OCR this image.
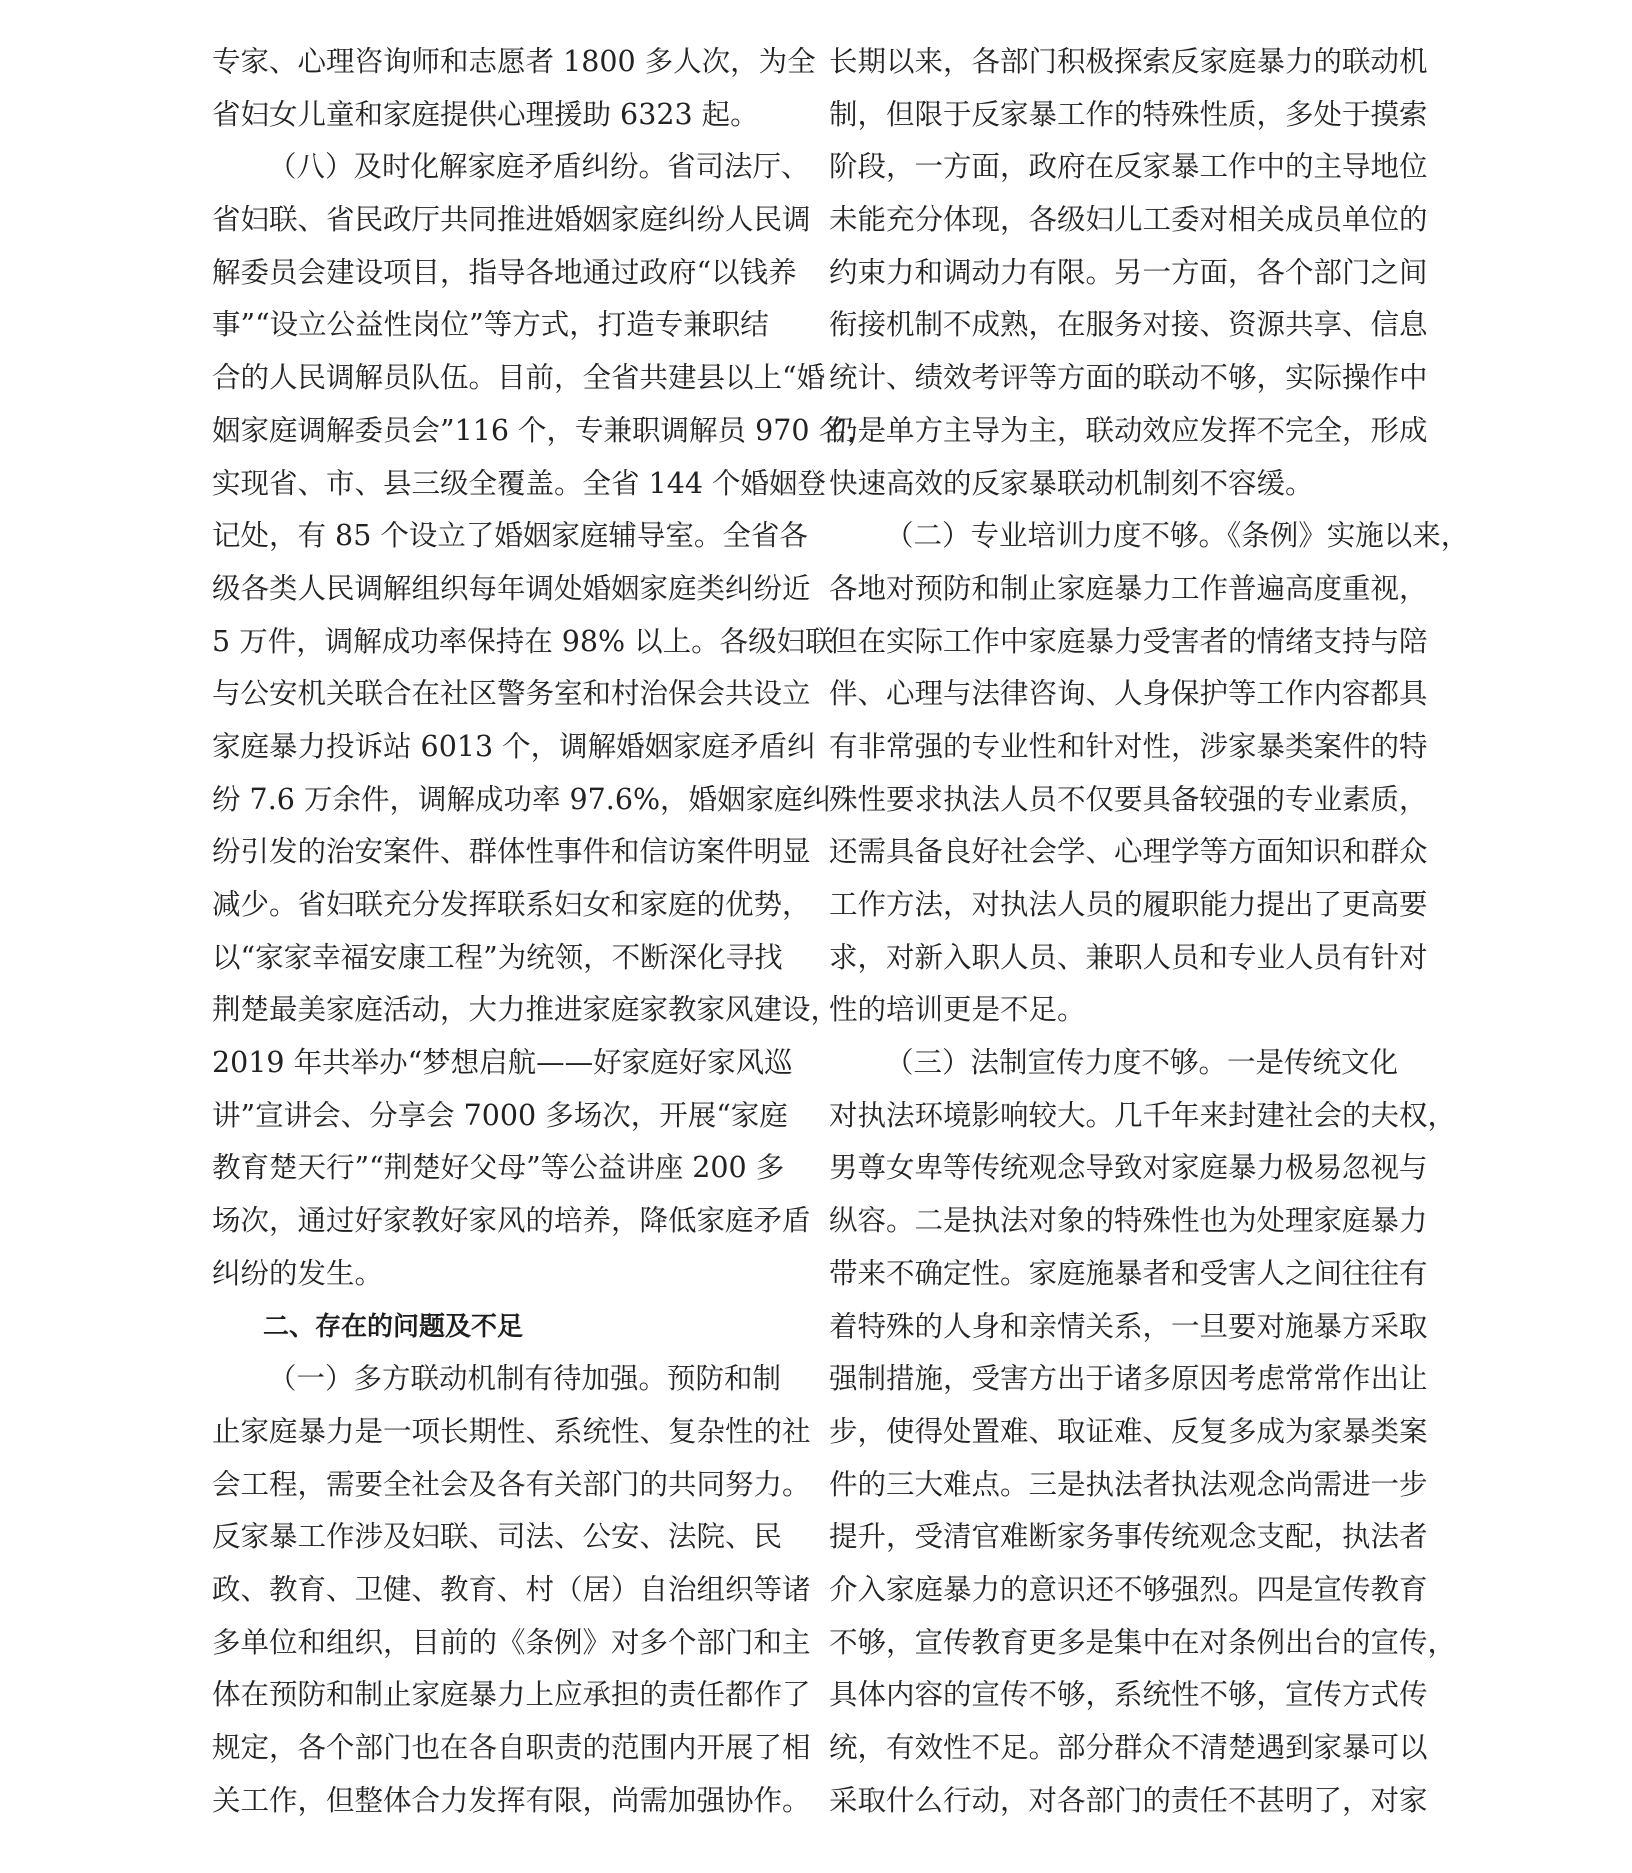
专家、心理咨询师和志愿者 1800 多人次，为全
省妇女儿童和家庭提供心理援助 6323 起。
（八）及时化解家庭矛盾纠纷。省司法厅、
省妇联、省民政厅共同推进婚姻家庭纠纷人民调
解委员会建设项目，指导各地通过政府“以钱养
事”“设立公益性岗位”等方式，打造专兼职结
合的人民调解员队伍。目前，全省共建县以上“婚
姻家庭调解委员会”116 个，专兼职调解员 970 名，
实现省、市、县三级全覆盖。全省 144 个婚姻登
记处，有 85 个设立了婚姻家庭辅导室。全省各
级各类人民调解组织每年调处婚姻家庭类纠纷近
5 万件，调解成功率保持在 98% 以上。各级妇联
与公安机关联合在社区警务室和村治保会共设立
家庭暴力投诉站 6013 个，调解婚姻家庭矛盾纠
纷 7.6 万余件，调解成功率 97.6%，婚姻家庭纠
纷引发的治安案件、群体性事件和信访案件明显
减少。省妇联充分发挥联系妇女和家庭的优势，
以“家家幸福安康工程”为统领，不断深化寻找
荆楚最美家庭活动，大力推进家庭家教家风建设，
2019 年共举办“梦想启航——好家庭好家风巡
讲”宣讲会、分享会 7000 多场次，开展“家庭
教育楚天行”“荆楚好父母”等公益讲座 200 多
场次，通过好家教好家风的培养，降低家庭矛盾
纠纷的发生。
二、存在的问题及不足
（一）多方联动机制有待加强。预防和制
止家庭暴力是一项长期性、系统性、复杂性的社
会工程，需要全社会及各有关部门的共同努力。
反家暴工作涉及妇联、司法、公安、法院、民
政、教育、卫健、教育、村（居）自治组织等诸
多单位和组织，目前的《条例》对多个部门和主
体在预防和制止家庭暴力上应承担的责任都作了
规定，各个部门也在各自职责的范围内开展了相
关工作，但整体合力发挥有限，尚需加强协作。
长期以来，各部门积极探索反家庭暴力的联动机
制，但限于反家暴工作的特殊性质，多处于摸索
阶段，一方面，政府在反家暴工作中的主导地位
未能充分体现，各级妇儿工委对相关成员单位的
约束力和调动力有限。另一方面，各个部门之间
衔接机制不成熟，在服务对接、资源共享、信息
统计、绩效考评等方面的联动不够，实际操作中
仍是单方主导为主，联动效应发挥不完全，形成
快速高效的反家暴联动机制刻不容缓。
（二）专业培训力度不够。《条例》实施以来，
各地对预防和制止家庭暴力工作普遍高度重视，
但在实际工作中家庭暴力受害者的情绪支持与陪
伴、心理与法律咨询、人身保护等工作内容都具
有非常强的专业性和针对性，涉家暴类案件的特
殊性要求执法人员不仅要具备较强的专业素质，
还需具备良好社会学、心理学等方面知识和群众
工作方法，对执法人员的履职能力提出了更高要
求，对新入职人员、兼职人员和专业人员有针对
性的培训更是不足。
（三）法制宣传力度不够。一是传统文化
对执法环境影响较大。几千年来封建社会的夫权，
男尊女卑等传统观念导致对家庭暴力极易忽视与
纵容。二是执法对象的特殊性也为处理家庭暴力
带来不确定性。家庭施暴者和受害人之间往往有
着特殊的人身和亲情关系，一旦要对施暴方采取
强制措施，受害方出于诸多原因考虑常常作出让
步，使得处置难、取证难、反复多成为家暴类案
件的三大难点。三是执法者执法观念尚需进一步
提升，受清官难断家务事传统观念支配，执法者
介入家庭暴力的意识还不够强烈。四是宣传教育
不够，宣传教育更多是集中在对条例出台的宣传，
具体内容的宣传不够，系统性不够，宣传方式传
统，有效性不足。部分群众不清楚遇到家暴可以
采取什么行动，对各部门的责任不甚明了，对家
